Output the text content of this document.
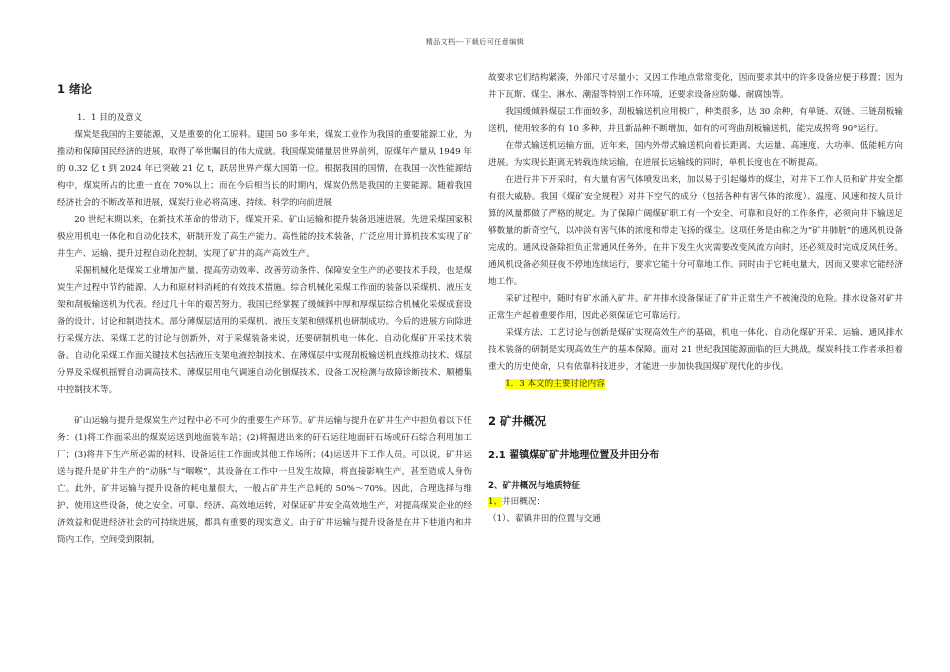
精品文档---下载后可任意编辑
1 绪论

1．1 目的及意义

煤炭是我国的主要能源，又是重要的化工原料。建国 50 多年来，煤炭工业作为我国的重要能源工业，为推动和保障国民经济的进展，取得了举世瞩目的伟大成就。我国煤炭储量居世界前列，原煤年产量从 1949 年的 0.32 亿 t 到 2024 年已突破 21 亿 t，跃居世界产煤大国第一位。根据我国的国情，在我国一次性能源结构中，煤炭所占的比重一直在 70%以上；而在今后相当长的时期内，煤炭仍然是我国的主要能源。随着我国经济社会的不断改革和进展，煤炭行业必将高速、持续、科学的向前进展

20 世纪末期以来，在新技术革命的带动下，煤炭开采、矿山运输和提升装备迅速进展。先进采煤国家积极应用机电一体化和自动化技术，研制开发了高生产能力、高性能的技术装备，广泛应用计算机技术实现了矿井生产、运输、提升过程自动化控制，实现了矿井的高产高效生产。

采掘机械化是煤炭工业增加产量、提高劳动效率、改善劳动条件、保障安全生产的必要技术手段，也是煤炭生产过程中节约能源、人力和原材料消耗的有效技术措施。综合机械化采煤工作面的装备以采煤机、液压支架和刮板输送机为代表。经过几十年的艰苦努力，我国已经掌握了缓倾斜中厚和厚煤层综合机械化采煤成套设备的设计、讨论和制造技术。部分薄煤层适用的采煤机、液压支架和刨煤机也研制成功。今后的进展方向除进行采煤方法、采煤工艺的讨论与创新外，对于采煤装备来说，还要研制机电一体化、自动化煤矿开采技术装备。自动化采煤工作面关键技术包括液压支架电液控制技术、在薄煤层中实现刮板输送机直线推动技术、煤层分界及采煤机摇臂自动调高技术、薄煤层用电气调速自动化刨煤技术、设备工况检测与故障诊断技术、顺槽集中控制技术等。

矿山运输与提升是煤炭生产过程中必不可少的重要生产环节。矿井运输与提升在矿井生产中担负着以下任务：(1)将工作面采出的煤炭运送到地面装车站；(2)将掘进出来的矸石运往地面矸石场或矸石综合利用加工厂；(3)将井下生产所必需的材料、设备运往工作面或其他工作场所；(4)运送井下工作人员。可以说，矿井运送与提升是矿井生产的“动脉”与“咽喉”，其设备在工作中一旦发生故障，将直接影响生产，甚至造成人身伤亡。此外，矿井运输与提升设备的耗电量很大，一般占矿井生产总耗的 50%～70%。因此，合理选择与维护、使用这些设备，使之安全、可靠、经济、高效地运转，对保证矿井安全高效地生产，对提高煤炭企业的经济效益和促进经济社会的可持续进展，都具有重要的现实意义。由于矿井运输与提升设备是在井下巷道内和井筒内工作，空间受到限制，

故要求它们结构紧凑，外部尺寸尽量小；又因工作地点常常变化，因而要求其中的许多设备应便于移置；因为井下瓦斯、煤尘、淋水、潮湿等特别工作环境，还要求设备应防爆、耐腐蚀等。

我国缓倾斜煤层工作面较多，刮板输送机应用极广，种类很多，达 30 余种，有单链、双链、三链刮板输送机，使用较多的有 10 多种，并且新品种不断增加，如有的可弯曲刮板输送机，能完成拐弯 90°运行。

在带式输送机运输方面，近年来，国内外带式输送机向着长距离、大运量、高速度、大功率、低能耗方向进展。为实现长距离无转载连续运输，在进展长运输线的同时，单机长度也在不断提高。

在进行井下开采时，有大量有害气体喷发出来，加以易于引起爆炸的煤尘，对井下工作人员和矿井安全都有很大威胁。我国《煤矿安全规程》对井下空气的成分（包括各种有害气体的浓度）、温度、风速和按人员计算的风量都做了严格的规定。为了保障广阔煤矿职工有一个安全、可靠和良好的工作条件，必须向井下输送足够数量的新奇空气，以冲淡有害气体的浓度和带走飞扬的煤尘。这项任务是由称之为“矿井肺脏”的通风机设备完成的。通风设备除担负正常通风任务外，在井下发生火灾需要改变风流方向时，还必须及时完成反风任务。通风机设备必须昼夜不停地连续运行，要求它能十分可靠地工作。同时由于它耗电量大，因而又要求它能经济地工作。

采矿过程中，随时有矿水涌入矿井。矿井排水设备保证了矿井正常生产不被淹没的危险。排水设备对矿井正常生产起着重要作用，因此必须保证它可靠运行。

采煤方法、工艺讨论与创新是煤矿实现高效生产的基础，机电一体化、自动化煤矿开采、运输、通风排水技术装备的研制是实现高效生产的基本保障。面对 21 世纪我国能源面临的巨大挑战，煤炭科技工作者承担着重大的历史使命，只有依靠科技进步，才能进一步加快我国煤矿现代化的步伐。

1．3 本文的主要讨论内容

2 矿井概况
2.1 翟镇煤矿矿井地理位置及井田分布
2、矿井概况与地质特征

1、井田概况：

（1）、翟镇井田的位置与交通
